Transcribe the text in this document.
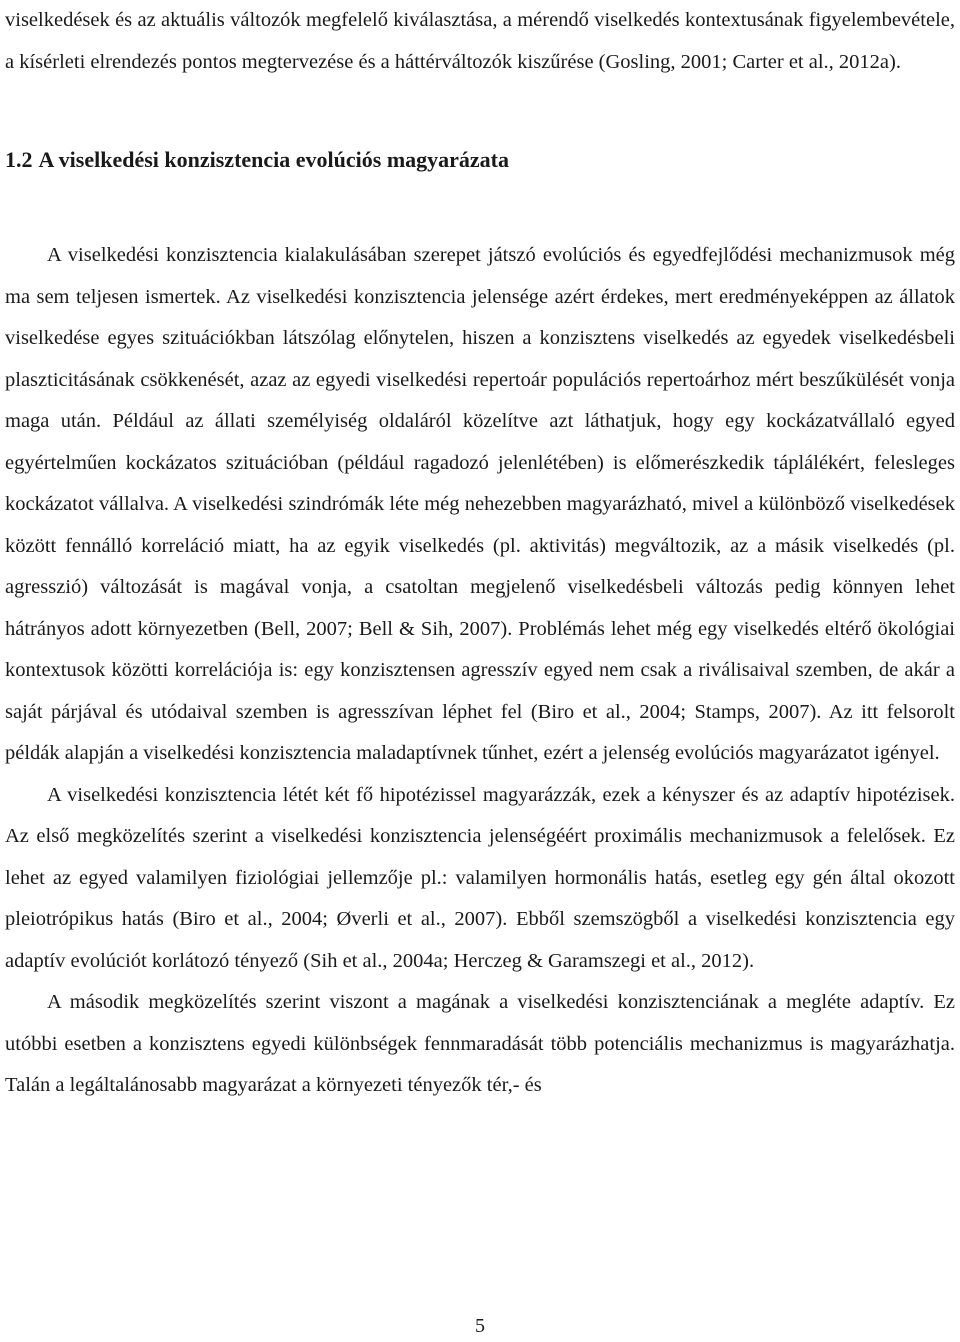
viselkedések és az aktuális változók megfelelő kiválasztása, a mérendő viselkedés kontextusának figyelembevétele, a kísérleti elrendezés pontos megtervezése és a háttérváltozók kiszűrése (Gosling, 2001; Carter et al., 2012a).

1.2 A viselkedési konzisztencia evolúciós magyarázata

A viselkedési konzisztencia kialakulásában szerepet játszó evolúciós és egyedfejlődési mechanizmusok még ma sem teljesen ismertek. Az viselkedési konzisztencia jelensége azért érdekes, mert eredményeképpen az állatok viselkedése egyes szituációkban látszólag előnytelen, hiszen a konzisztens viselkedés az egyedek viselkedésbeli plaszticitásának csökkenését, azaz az egyedi viselkedési repertoár populációs repertoárhoz mért beszűkülését vonja maga után. Például az állati személyiség oldaláról közelítve azt láthatjuk, hogy egy kockázatvállaló egyed egyértelműen kockázatos szituációban (például ragadozó jelenlétében) is előmerészkedik táplálékért, felesleges kockázatot vállalva. A viselkedési szindrómák léte még nehezebben magyarázható, mivel a különböző viselkedések között fennálló korreláció miatt, ha az egyik viselkedés (pl. aktivitás) megváltozik, az a másik viselkedés (pl. agresszió) változását is magával vonja, a csatoltan megjelenő viselkedésbeli változás pedig könnyen lehet hátrányos adott környezetben (Bell, 2007; Bell & Sih, 2007). Problémás lehet még egy viselkedés eltérő ökológiai kontextusok közötti korrelációja is: egy konzisztensen agresszív egyed nem csak a riválisaival szemben, de akár a saját párjával és utódaival szemben is agresszívan léphet fel (Biro et al., 2004; Stamps, 2007). Az itt felsorolt példák alapján a viselkedési konzisztencia maladaptívnek tűnhet, ezért a jelenség evolúciós magyarázatot igényel.

A viselkedési konzisztencia létét két fő hipotézissel magyarázzák, ezek a kényszer és az adaptív hipotézisek. Az első megközelítés szerint a viselkedési konzisztencia jelenségéért proximális mechanizmusok a felelősek. Ez lehet az egyed valamilyen fiziológiai jellemzője pl.: valamilyen hormonális hatás, esetleg egy gén által okozott pleiotrópikus hatás (Biro et al., 2004; Øverli et al., 2007). Ebből szemszögből a viselkedési konzisztencia egy adaptív evolúciót korlátozó tényező (Sih et al., 2004a; Herczeg & Garamszegi et al., 2012).

A második megközelítés szerint viszont a magának a viselkedési konzisztenciának a megléte adaptív. Ez utóbbi esetben a konzisztens egyedi különbségek fennmaradását több potenciális mechanizmus is magyarázhatja. Talán a legáltalánosabb magyarázat a környezeti tényezők tér,- és

5
